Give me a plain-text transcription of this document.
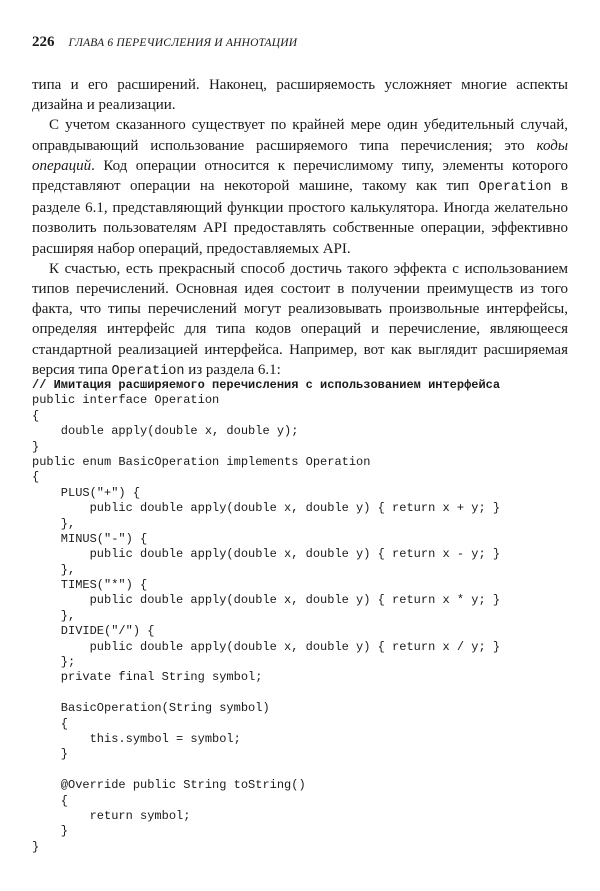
226 ГЛАВА 6 ПЕРЕЧИСЛЕНИЯ И АННОТАЦИИ

типа и его расширений. Наконец, расширяемость усложняет многие аспекты дизайна и реализации.

С учетом сказанного существует по крайней мере один убедительный случай, оправдывающий использование расширяемого типа перечисления; это коды операций. Код операции относится к перечислимому типу, элементы которого представляют операции на некоторой машине, такому как тип Operation в разделе 6.1, представляющий функции простого калькулятора. Иногда желательно позволить пользователям API предоставлять собственные операции, эффективно расширяя набор операций, предоставляемых API.

К счастью, есть прекрасный способ достичь такого эффекта с использованием типов перечислений. Основная идея состоит в получении преимуществ из того факта, что типы перечислений могут реализовывать произвольные интерфейсы, определяя интерфейс для типа кодов операций и перечисление, являющееся стандартной реализацией интерфейса. Например, вот как выглядит расширяемая версия типа Operation из раздела 6.1:

// Имитация расширяемого перечисления с использованием интерфейса
public interface Operation
{
double apply(double x, double y);
}
public enum BasicOperation implements Operation
{
PLUS("+") {
public double apply(double x, double y) { return x + y; }
},
MINUS("-") {
public double apply(double x, double y) { return x - y; }
},
TIMES("*") {
public double apply(double x, double y) { return x * y; }
},
DIVIDE("/") {
public double apply(double x, double y) { return x / y; }
};
private final String symbol;
BasicOperation(String symbol)
{
this.symbol = symbol;
}
@Override public String toString()
{
return symbol;
}
}
